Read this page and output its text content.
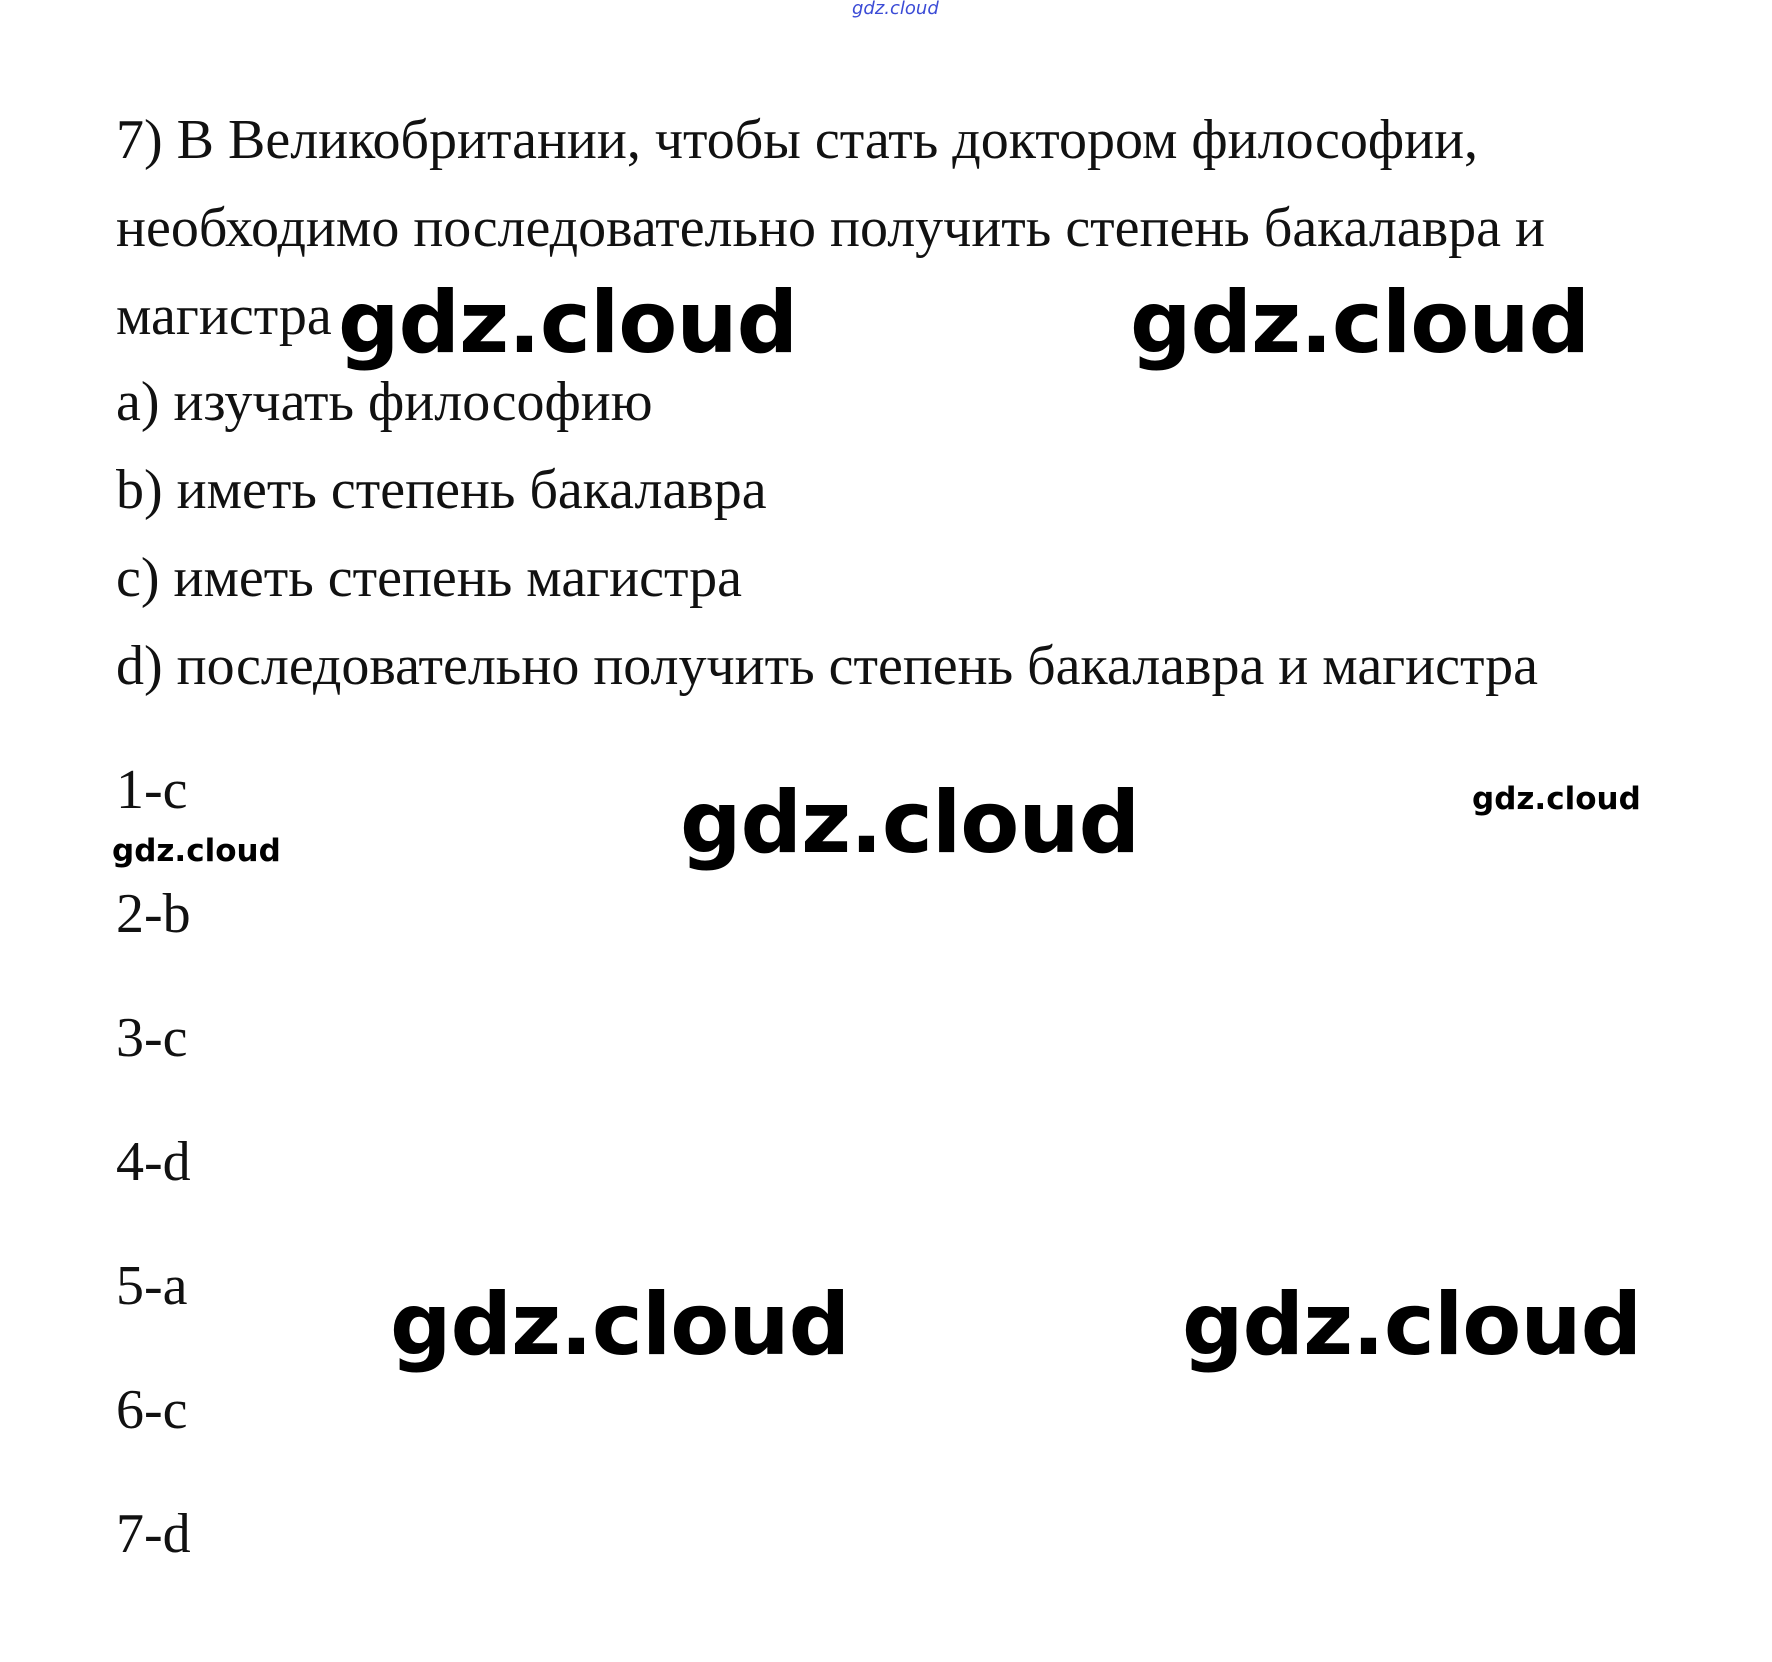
gdz.cloud
7) В Великобритании, чтобы стать доктором философии,
необходимо последовательно получить степень бакалавра и
магистра
a) изучать философию
b) иметь степень бакалавра
c) иметь степень магистра
d) последовательно получить степень бакалавра и магистра
1-c
2-b
3-c
4-d
5-a
6-c
7-d
gdz.cloud	gdz.cloud
gdz.cloud
gdz.cloud
gdz.cloud
gdz.cloud	gdz.cloud
